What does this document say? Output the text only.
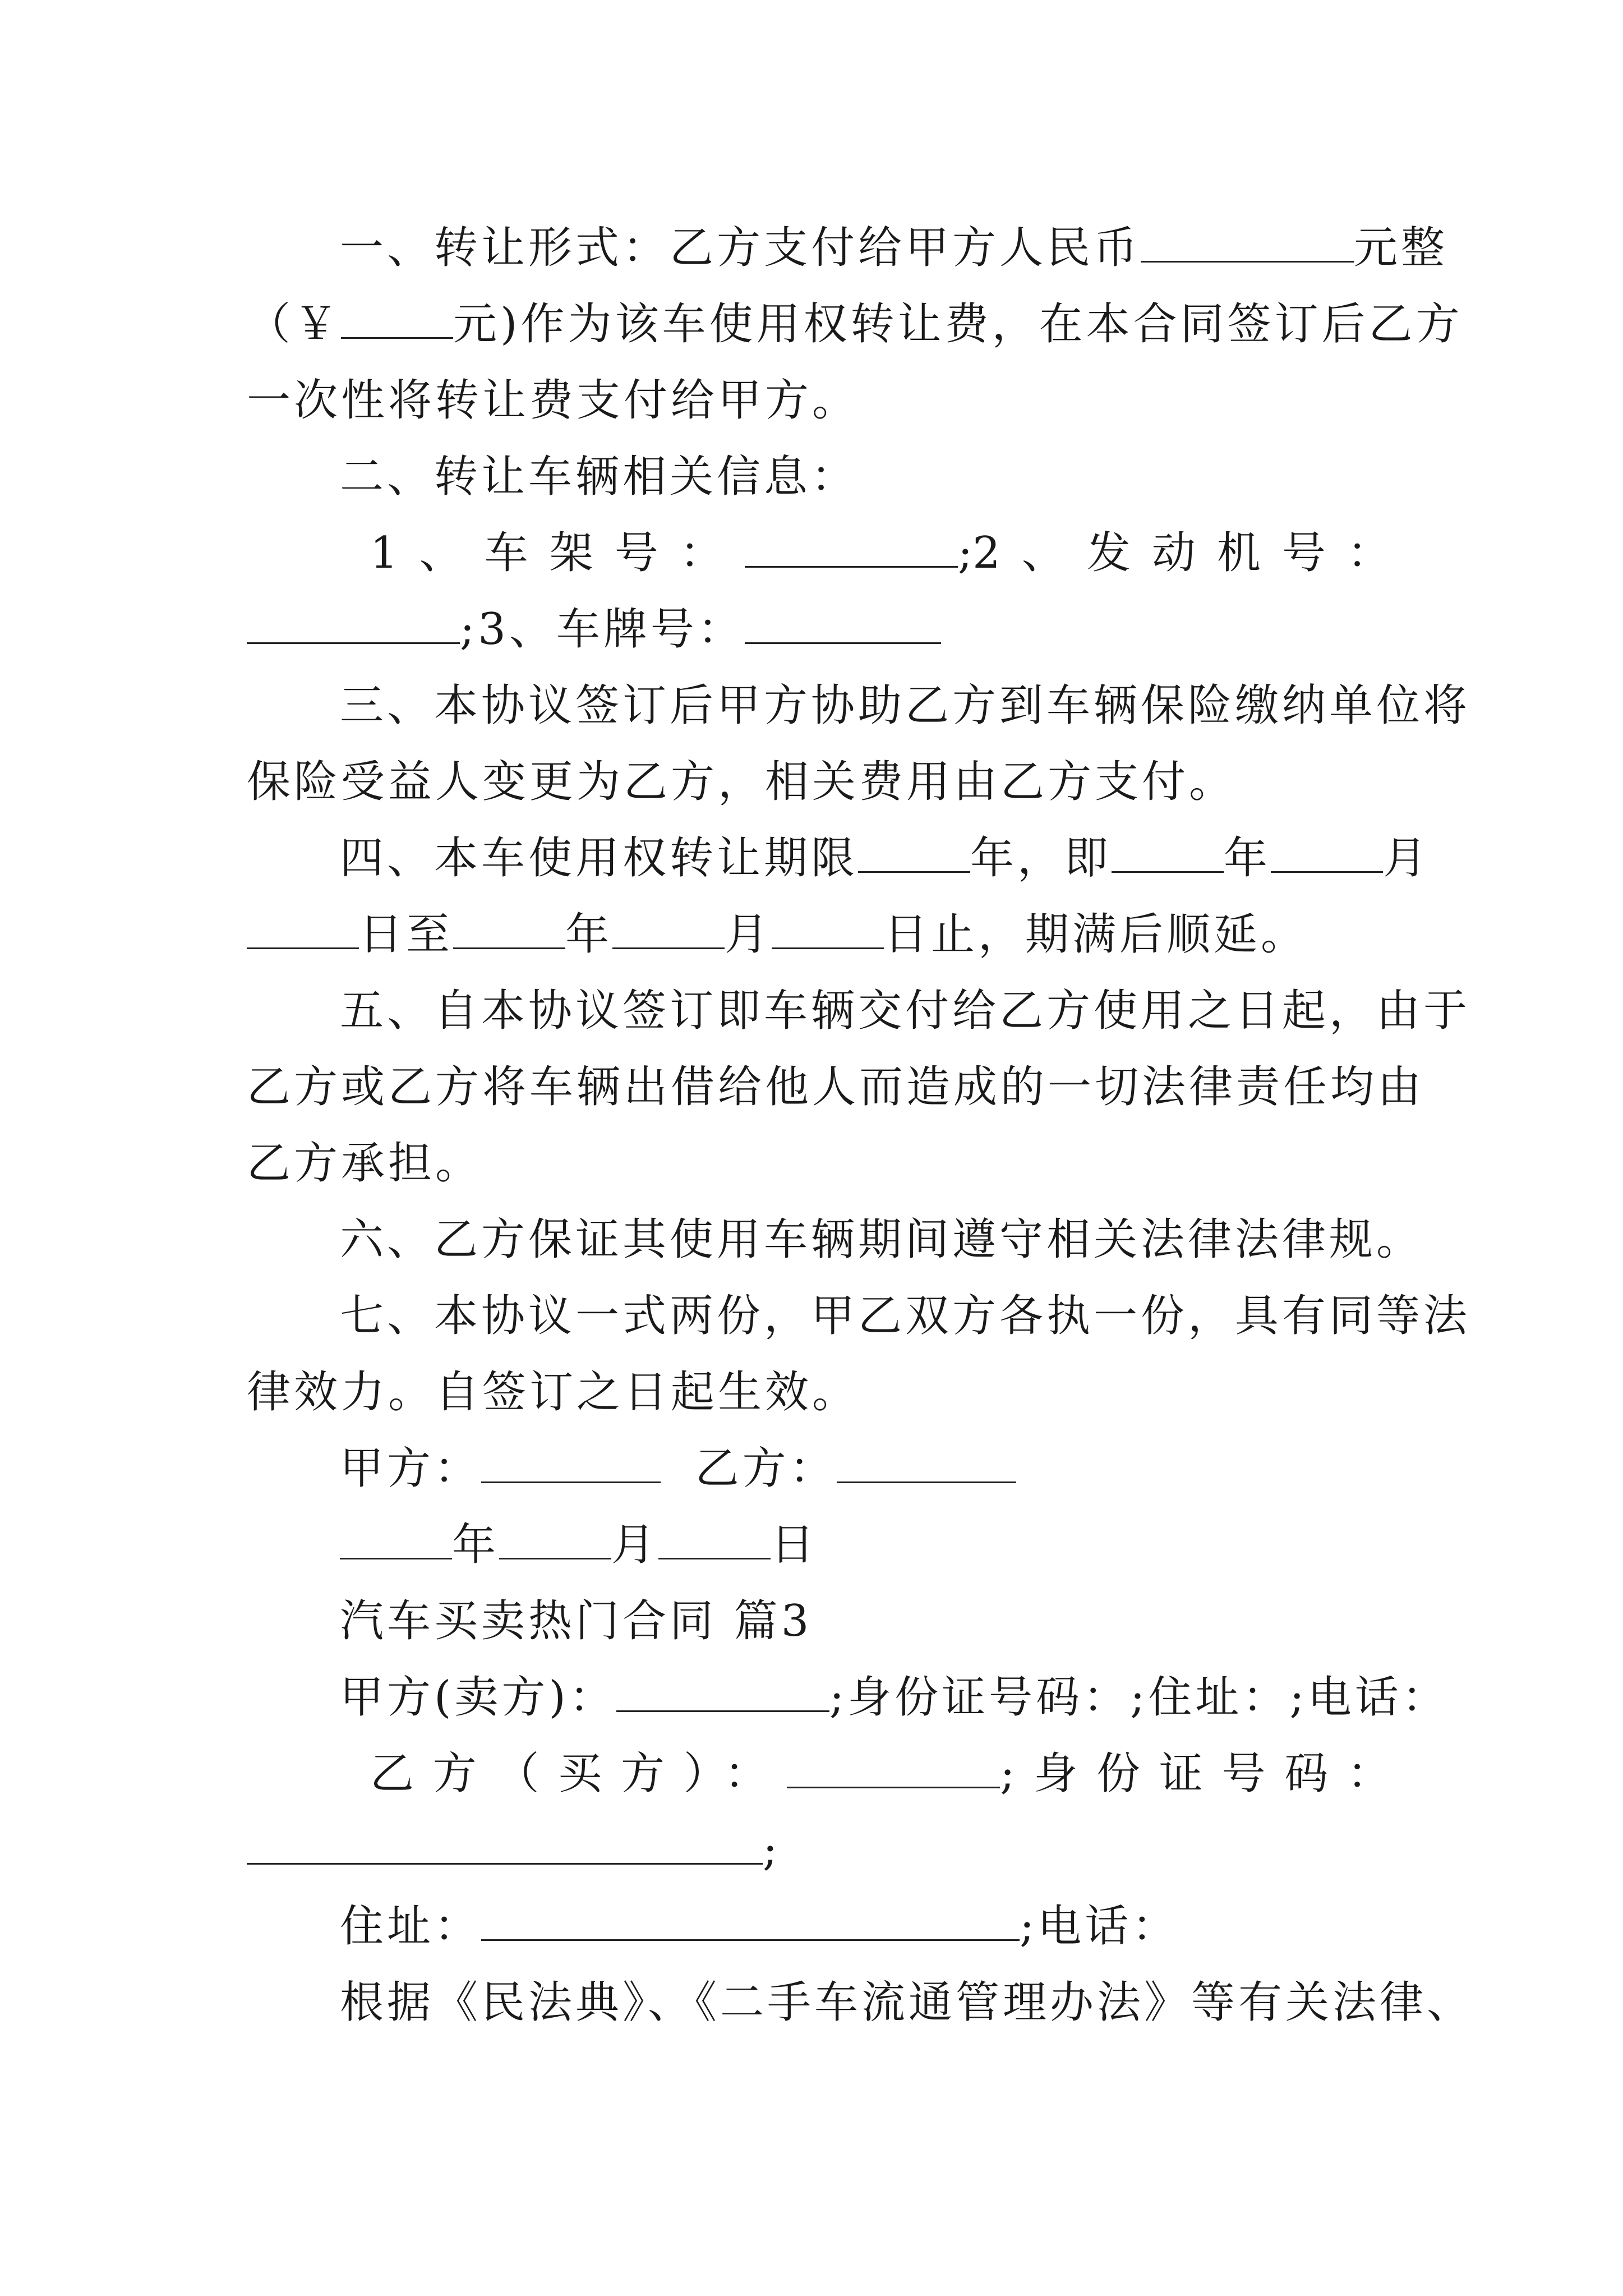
一、转让形式：乙方支付给甲方人民币	元整
（￥	元)作为该车使用权转让费，在本合同签订后乙方
一次性将转让费支付给甲方。
二、转让车辆相关信息：
1、车架号：	;2、发动机号：
;3、车牌号：
三、本协议签订后甲方协助乙方到车辆保险缴纳单位将
保险受益人变更为乙方，相关费用由乙方支付。
四、本车使用权转让期限	年，即	年	月
日至	年	月	日止，期满后顺延。
五、自本协议签订即车辆交付给乙方使用之日起，由于
乙方或乙方将车辆出借给他人而造成的一切法律责任均由
乙方承担。
六、乙方保证其使用车辆期间遵守相关法律法律规。
七、本协议一式两份，甲乙双方各执一份，具有同等法
律效力。自签订之日起生效。
甲方：	乙方：
年	月	日
汽车买卖热门合同 篇3
甲方(卖方)：	;身份证号码：;住址：;电话：
乙方（买方）：	;身份证号码：
;
住址：	;电话：
根据《民法典》、《二手车流通管理办法》等有关法律、
